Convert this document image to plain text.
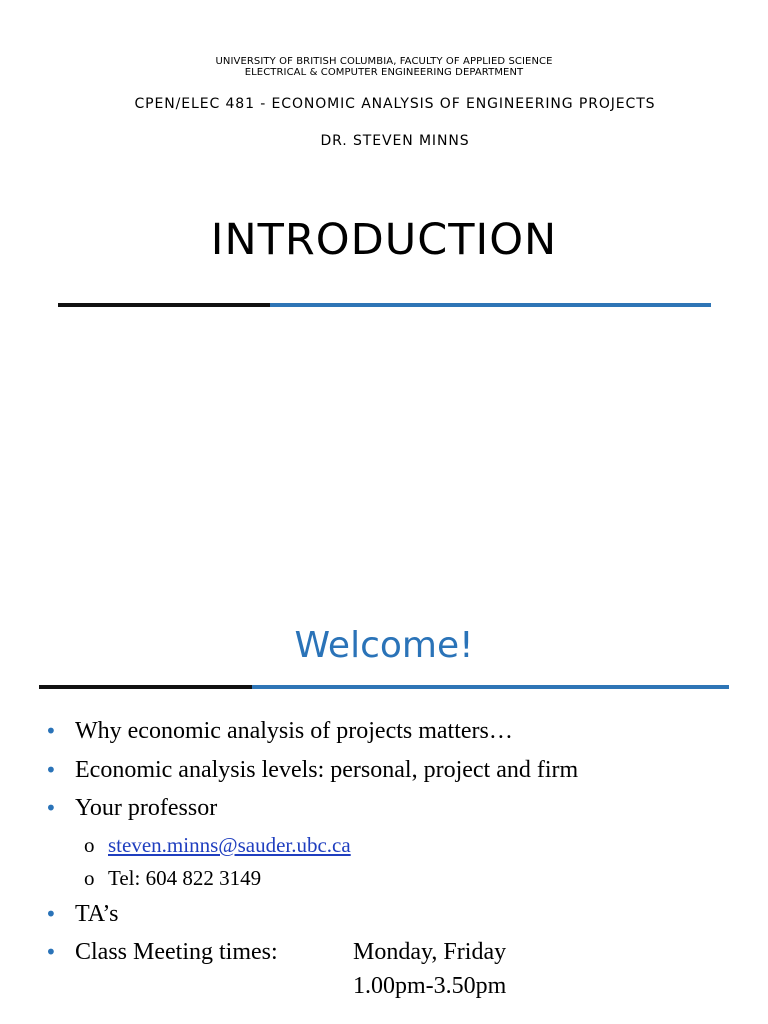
UNIVERSITY OF BRITISH COLUMBIA, FACULTY OF APPLIED SCIENCE
ELECTRICAL & COMPUTER ENGINEERING DEPARTMENT
CPEN/ELEC 481 - ECONOMIC ANALYSIS OF ENGINEERING PROJECTS
DR. STEVEN MINNS
INTRODUCTION
Welcome!
• Why economic analysis of projects matters…
• Economic analysis levels: personal, project and firm
• Your professor
o steven.minns@sauder.ubc.ca
o Tel: 604 822 3149
• TA’s
• Class Meeting times:	Monday, Friday
1.00pm-3.50pm
